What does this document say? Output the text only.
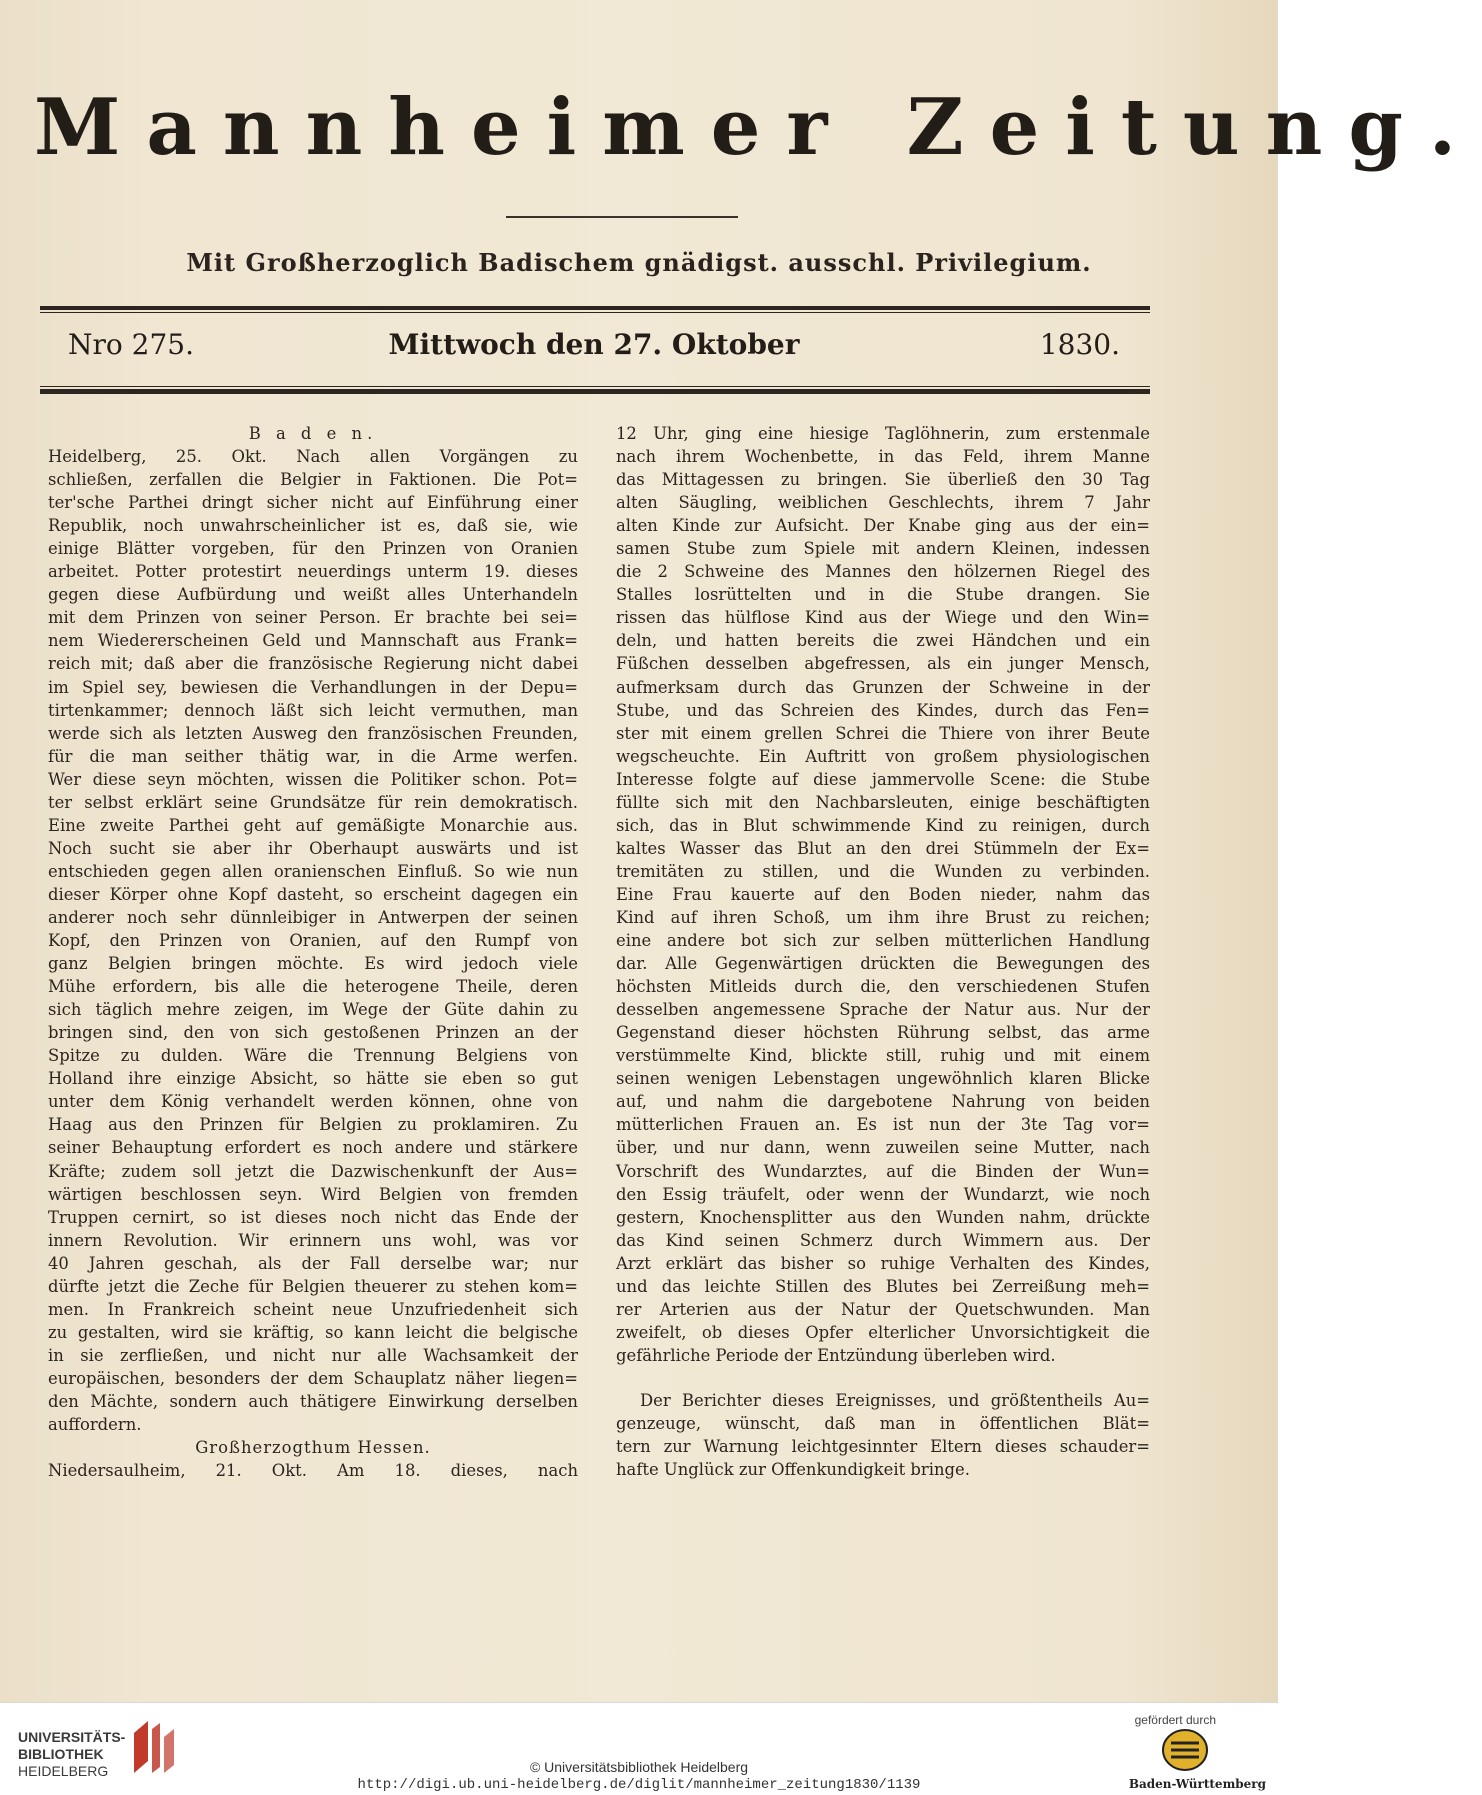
Mannheimer Zeitung.
Mit Großherzoglich Badischem gnädigst. ausschl. Privilegium.
Mittwoch den 27. Oktober
Nro 275.	1830.
B a d e n.
Heidelberg, 25. Okt. Nach allen Vorgängen zu
schließen, zerfallen die Belgier in Faktionen. Die Pot=
ter'sche Parthei dringt sicher nicht auf Einführung einer
Republik, noch unwahrscheinlicher ist es, daß sie, wie
einige Blätter vorgeben, für den Prinzen von Oranien
arbeitet. Potter protestirt neuerdings unterm 19. dieses
gegen diese Aufbürdung und weißt alles Unterhandeln
mit dem Prinzen von seiner Person. Er brachte bei sei=
nem Wiedererscheinen Geld und Mannschaft aus Frank=
reich mit; daß aber die französische Regierung nicht dabei
im Spiel sey, bewiesen die Verhandlungen in der Depu=
tirtenkammer; dennoch läßt sich leicht vermuthen, man
werde sich als letzten Ausweg den französischen Freunden,
für die man seither thätig war, in die Arme werfen.
Wer diese seyn möchten, wissen die Politiker schon. Pot=
ter selbst erklärt seine Grundsätze für rein demokratisch.
Eine zweite Parthei geht auf gemäßigte Monarchie aus.
Noch sucht sie aber ihr Oberhaupt auswärts und ist
entschieden gegen allen oranienschen Einfluß. So wie nun
dieser Körper ohne Kopf dasteht, so erscheint dagegen ein
anderer noch sehr dünnleibiger in Antwerpen der seinen
Kopf, den Prinzen von Oranien, auf den Rumpf von
ganz Belgien bringen möchte. Es wird jedoch viele
Mühe erfordern, bis alle die heterogene Theile, deren
sich täglich mehre zeigen, im Wege der Güte dahin zu
bringen sind, den von sich gestoßenen Prinzen an der
Spitze zu dulden. Wäre die Trennung Belgiens von
Holland ihre einzige Absicht, so hätte sie eben so gut
unter dem König verhandelt werden können, ohne von
Haag aus den Prinzen für Belgien zu proklamiren. Zu
seiner Behauptung erfordert es noch andere und stärkere
Kräfte; zudem soll jetzt die Dazwischenkunft der Aus=
wärtigen beschlossen seyn. Wird Belgien von fremden
Truppen cernirt, so ist dieses noch nicht das Ende der
innern Revolution. Wir erinnern uns wohl, was vor
40 Jahren geschah, als der Fall derselbe war; nur
dürfte jetzt die Zeche für Belgien theuerer zu stehen kom=
men. In Frankreich scheint neue Unzufriedenheit sich
zu gestalten, wird sie kräftig, so kann leicht die belgische
in sie zerfließen, und nicht nur alle Wachsamkeit der
europäischen, besonders der dem Schauplatz näher liegen=
den Mächte, sondern auch thätigere Einwirkung derselben
auffordern.
Großherzogthum Hessen.
Niedersaulheim, 21. Okt. Am 18. dieses, nach
12 Uhr, ging eine hiesige Taglöhnerin, zum erstenmale
nach ihrem Wochenbette, in das Feld, ihrem Manne
das Mittagessen zu bringen. Sie überließ den 30 Tag
alten Säugling, weiblichen Geschlechts, ihrem 7 Jahr
alten Kinde zur Aufsicht. Der Knabe ging aus der ein=
samen Stube zum Spiele mit andern Kleinen, indessen
die 2 Schweine des Mannes den hölzernen Riegel des
Stalles losrüttelten und in die Stube drangen. Sie
rissen das hülflose Kind aus der Wiege und den Win=
deln, und hatten bereits die zwei Händchen und ein
Füßchen desselben abgefressen, als ein junger Mensch,
aufmerksam durch das Grunzen der Schweine in der
Stube, und das Schreien des Kindes, durch das Fen=
ster mit einem grellen Schrei die Thiere von ihrer Beute
wegscheuchte. Ein Auftritt von großem physiologischen
Interesse folgte auf diese jammervolle Scene: die Stube
füllte sich mit den Nachbarsleuten, einige beschäftigten
sich, das in Blut schwimmende Kind zu reinigen, durch
kaltes Wasser das Blut an den drei Stümmeln der Ex=
tremitäten zu stillen, und die Wunden zu verbinden.
Eine Frau kauerte auf den Boden nieder, nahm das
Kind auf ihren Schoß, um ihm ihre Brust zu reichen;
eine andere bot sich zur selben mütterlichen Handlung
dar. Alle Gegenwärtigen drückten die Bewegungen des
höchsten Mitleids durch die, den verschiedenen Stufen
desselben angemessene Sprache der Natur aus. Nur der
Gegenstand dieser höchsten Rührung selbst, das arme
verstümmelte Kind, blickte still, ruhig und mit einem
seinen wenigen Lebenstagen ungewöhnlich klaren Blicke
auf, und nahm die dargebotene Nahrung von beiden
mütterlichen Frauen an. Es ist nun der 3te Tag vor=
über, und nur dann, wenn zuweilen seine Mutter, nach
Vorschrift des Wundarztes, auf die Binden der Wun=
den Essig träufelt, oder wenn der Wundarzt, wie noch
gestern, Knochensplitter aus den Wunden nahm, drückte
das Kind seinen Schmerz durch Wimmern aus. Der
Arzt erklärt das bisher so ruhige Verhalten des Kindes,
und das leichte Stillen des Blutes bei Zerreißung meh=
rer Arterien aus der Natur der Quetschwunden. Man
zweifelt, ob dieses Opfer elterlicher Unvorsichtigkeit die
gefährliche Periode der Entzündung überleben wird.
Der Berichter dieses Ereignisses, und größtentheils Au=
genzeuge, wünscht, daß man in öffentlichen Blät=
tern zur Warnung leichtgesinnter Eltern dieses schauder=
hafte Unglück zur Offenkundigkeit bringe.
UNIVERSITÄTS-
BIBLIOTHEK
HEIDELBERG	© Universitätsbibliothek Heidelberg
http://digi.ub.uni-heidelberg.de/diglit/mannheimer_zeitung1830/1139
gefördert durch
Baden-Württemberg
